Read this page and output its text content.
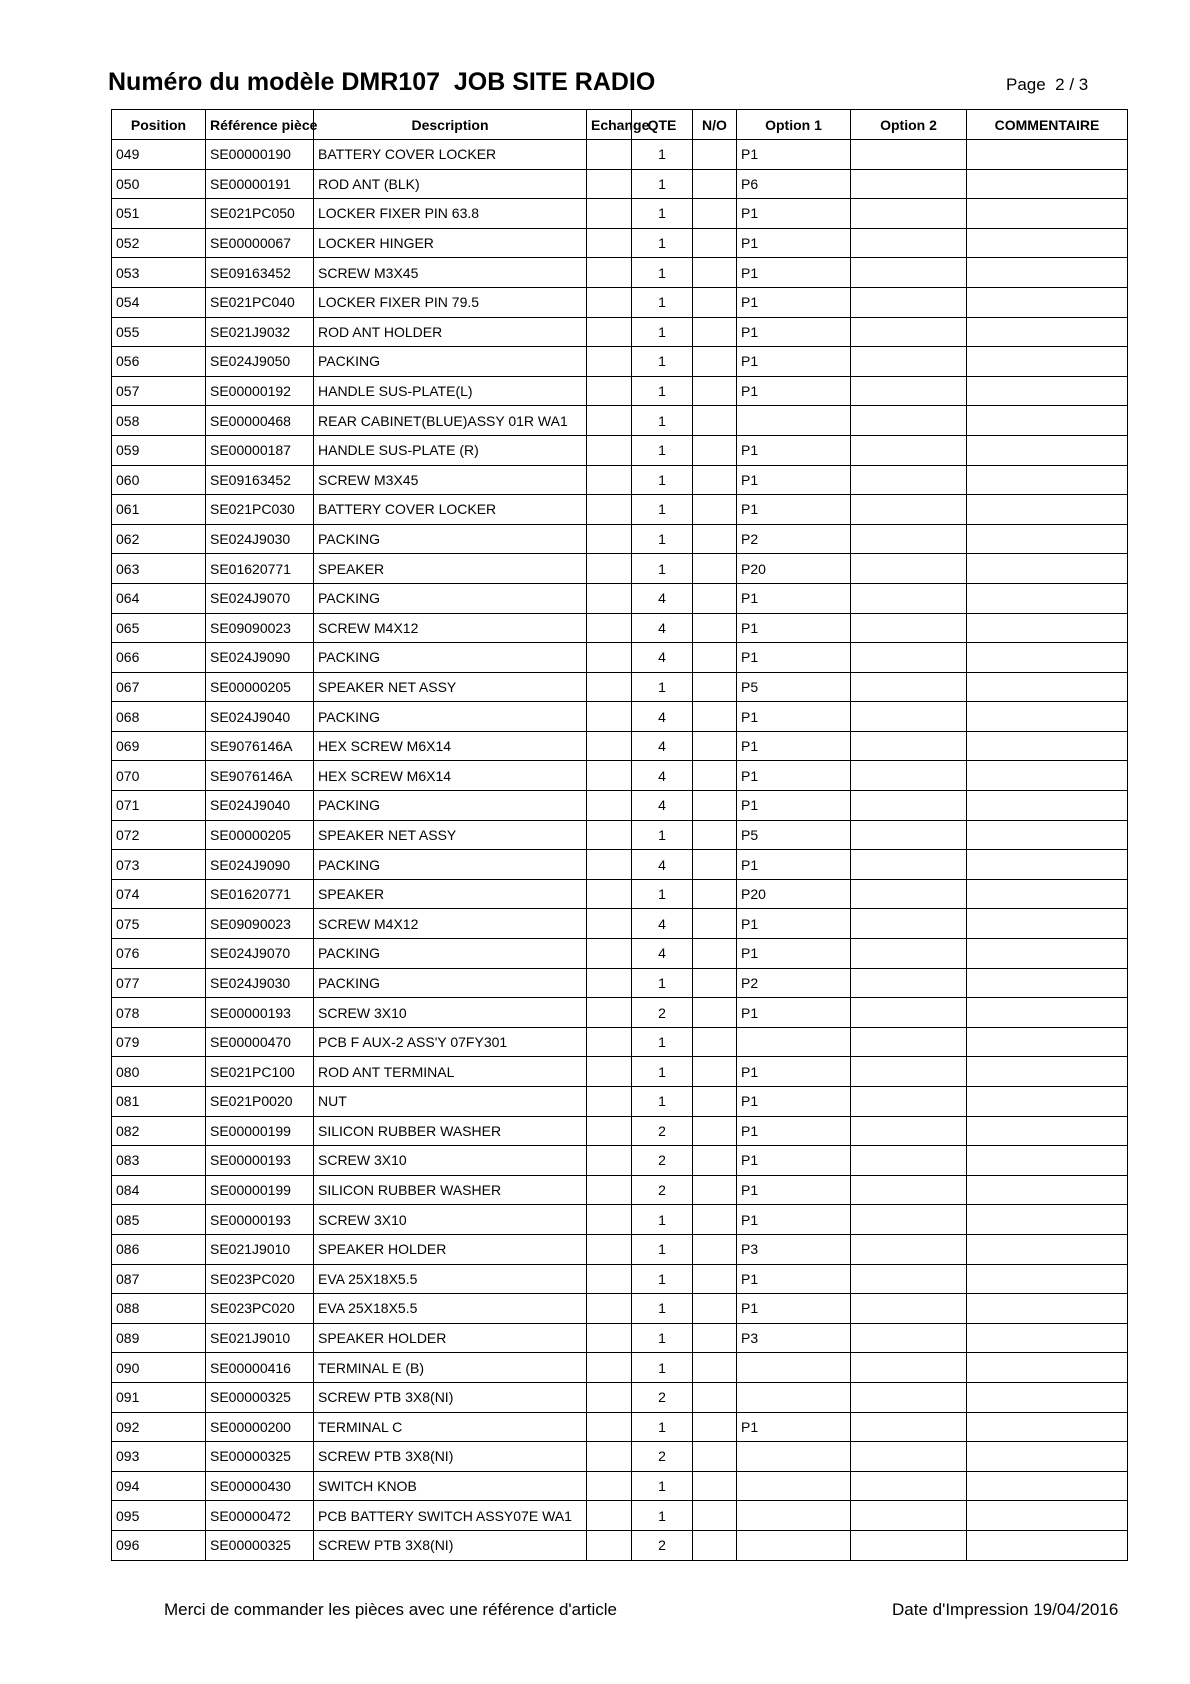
Numéro du modèle DMR107  JOB SITE RADIO	Page  2 / 3
Position	Référence pièce	Description	Echange	QTE	N/O	Option 1	Option 2	COMMENTAIRE
049	SE00000190	BATTERY COVER LOCKER		1		P1		
050	SE00000191	ROD ANT (BLK)		1		P6		
051	SE021PC050	LOCKER FIXER PIN 63.8		1		P1		
052	SE00000067	LOCKER HINGER		1		P1		
053	SE09163452	SCREW M3X45		1		P1		
054	SE021PC040	LOCKER FIXER PIN 79.5		1		P1		
055	SE021J9032	ROD ANT HOLDER		1		P1		
056	SE024J9050	PACKING		1		P1		
057	SE00000192	HANDLE SUS-PLATE(L)		1		P1		
058	SE00000468	REAR CABINET(BLUE)ASSY 01R WA1		1				
059	SE00000187	HANDLE SUS-PLATE (R)		1		P1		
060	SE09163452	SCREW M3X45		1		P1		
061	SE021PC030	BATTERY COVER LOCKER		1		P1		
062	SE024J9030	PACKING		1		P2		
063	SE01620771	SPEAKER		1		P20		
064	SE024J9070	PACKING		4		P1		
065	SE09090023	SCREW M4X12		4		P1		
066	SE024J9090	PACKING		4		P1		
067	SE00000205	SPEAKER NET ASSY		1		P5		
068	SE024J9040	PACKING		4		P1		
069	SE9076146A	HEX SCREW M6X14		4		P1		
070	SE9076146A	HEX SCREW M6X14		4		P1		
071	SE024J9040	PACKING		4		P1		
072	SE00000205	SPEAKER NET ASSY		1		P5		
073	SE024J9090	PACKING		4		P1		
074	SE01620771	SPEAKER		1		P20		
075	SE09090023	SCREW M4X12		4		P1		
076	SE024J9070	PACKING		4		P1		
077	SE024J9030	PACKING		1		P2		
078	SE00000193	SCREW 3X10		2		P1		
079	SE00000470	PCB F AUX-2 ASS'Y 07FY301		1				
080	SE021PC100	ROD ANT TERMINAL		1		P1		
081	SE021P0020	NUT		1		P1		
082	SE00000199	SILICON RUBBER WASHER		2		P1		
083	SE00000193	SCREW 3X10		2		P1		
084	SE00000199	SILICON RUBBER WASHER		2		P1		
085	SE00000193	SCREW 3X10		1		P1		
086	SE021J9010	SPEAKER HOLDER		1		P3		
087	SE023PC020	EVA 25X18X5.5		1		P1		
088	SE023PC020	EVA 25X18X5.5		1		P1		
089	SE021J9010	SPEAKER HOLDER		1		P3		
090	SE00000416	TERMINAL E (B)		1				
091	SE00000325	SCREW PTB 3X8(NI)		2				
092	SE00000200	TERMINAL C		1		P1		
093	SE00000325	SCREW PTB 3X8(NI)		2				
094	SE00000430	SWITCH KNOB		1				
095	SE00000472	PCB BATTERY SWITCH ASSY07E WA1		1				
096	SE00000325	SCREW PTB 3X8(NI)		2				
Merci de commander les pièces avec une référence d'article	Date d'Impression 19/04/2016
